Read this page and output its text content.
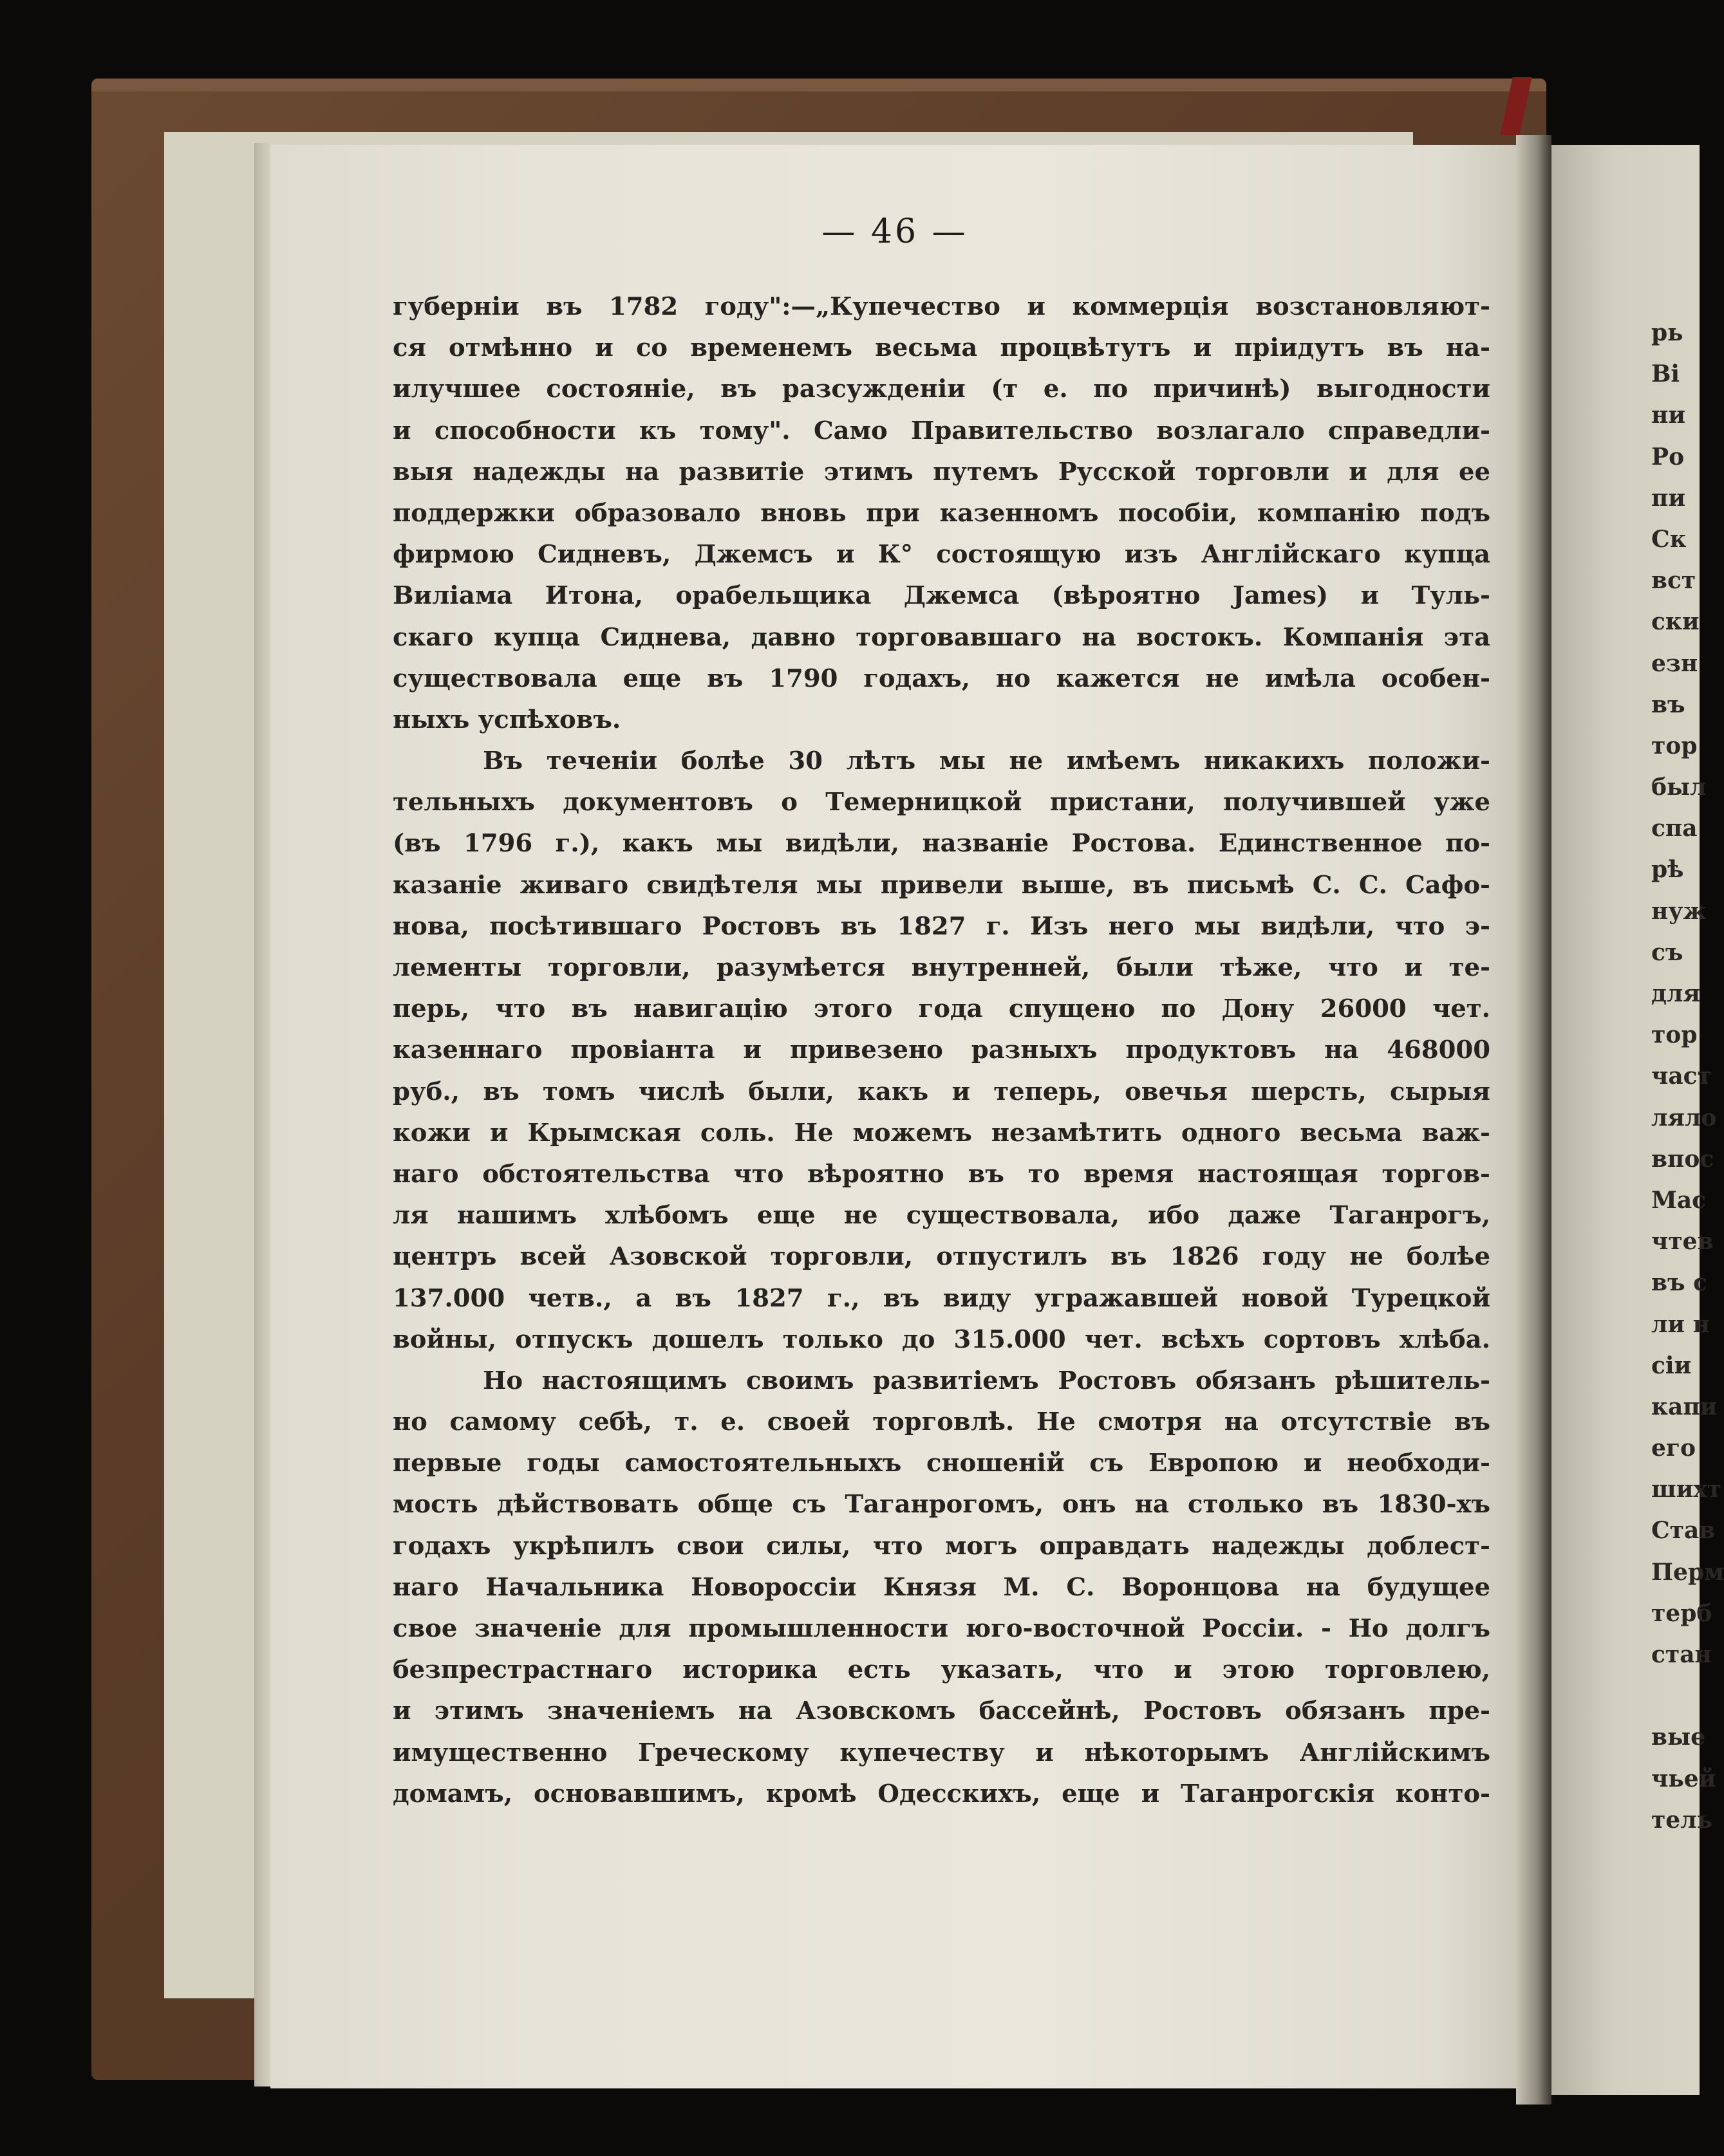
— 46 —
губерніи въ 1782 году":—„Купечество и коммерція возстановляют-
ся отмѣнно и со временемъ весьма процвѣтутъ и пріидутъ въ на-
илучшее состояніе, въ разсужденіи (т е. по причинѣ) выгодности
и способности къ тому". Само Правительство возлагало справедли-
выя надежды на развитіе этимъ путемъ Русской торговли и для ее
поддержки образовало вновь при казенномъ пособіи, компанію подъ
фирмою Сидневъ, Джемсъ и К° состоящую изъ Англійскаго купца
Виліама Итона, орабельщика Джемса (вѣроятно James) и Туль-
скаго купца Сиднева, давно торговавшаго на востокъ. Компанія эта
существовала еще въ 1790 годахъ, но кажется не имѣла особен-
ныхъ успѣховъ.
Въ теченіи болѣе 30 лѣтъ мы не имѣемъ никакихъ положи-
тельныхъ документовъ о Темерницкой пристани, получившей уже
(въ 1796 г.), какъ мы видѣли, названіе Ростова. Единственное по-
казаніе живаго свидѣтеля мы привели выше, въ письмѣ С. С. Сафо-
нова, посѣтившаго Ростовъ въ 1827 г. Изъ него мы видѣли, что э-
лементы торговли, разумѣется внутренней, были тѣже, что и те-
перь, что въ навигацію этого года спущено по Дону 26000 чет.
казеннаго провіанта и привезено разныхъ продуктовъ на 468000
руб., въ томъ числѣ были, какъ и теперь, овечья шерсть, сырыя
кожи и Крымская соль. Не можемъ незамѣтить одного весьма важ-
наго обстоятельства что вѣроятно въ то время настоящая торгов-
ля нашимъ хлѣбомъ еще не существовала, ибо даже Таганрогъ,
центръ всей Азовской торговли, отпустилъ въ 1826 году не болѣе
137.000 четв., а въ 1827 г., въ виду угражавшей новой Турецкой
войны, отпускъ дошелъ только до 315.000 чет. всѣхъ сортовъ хлѣба.
Но настоящимъ своимъ развитіемъ Ростовъ обязанъ рѣшитель-
но самому себѣ, т. е. своей торговлѣ. Не смотря на отсутствіе въ
первые годы самостоятельныхъ сношеній съ Европою и необходи-
мость дѣйствовать обще съ Таганрогомъ, онъ на столько въ 1830-хъ
годахъ укрѣпилъ свои силы, что могъ оправдать надежды доблест-
наго Начальника Новороссіи Князя М. С. Воронцова на будущее
свое значеніе для промышленности юго-восточной Россіи. - Но долгъ
безпрестрастнаго историка есть указать, что и этою торговлею,
и этимъ значеніемъ на Азовскомъ бассейнѣ, Ростовъ обязанъ пре-
имущественно Греческому купечеству и нѣкоторымъ Англійскимъ
домамъ, основавшимъ, кромѣ Одесскихъ, еще и Таганрогскія конто-
рь
Ві
ни
Ро
пи
Ск
вст
ски
езн
въ
тор
был
спа
рѣ
нуж
съ
для
тор
част
ляло
впос
Мас
чтев
въ с
ли н
сіи
капи
его
шихт
Став
Перм
терб
стан
вые
чьей
тель
